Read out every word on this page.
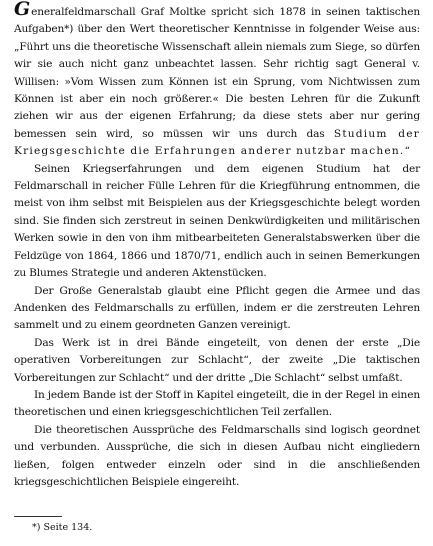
Generalfeldmarschall Graf Moltke spricht sich 1878 in seinen taktischen Aufgaben*) über den Wert theoretischer Kenntnisse in folgender Weise aus: „Führt uns die theoretische Wissenschaft allein niemals zum Siege, so dürfen wir sie auch nicht ganz unbeachtet lassen. Sehr richtig sagt General v. Willisen: »Vom Wissen zum Können ist ein Sprung, vom Nichtwissen zum Können ist aber ein noch größerer.« Die besten Lehren für die Zukunft ziehen wir aus der eigenen Erfahrung; da diese stets aber nur gering bemessen sein wird, so müssen wir uns durch das Studium der Kriegsgeschichte die Erfahrungen anderer nutzbar machen.“

Seinen Kriegserfahrungen und dem eigenen Studium hat der Feldmarschall in reicher Fülle Lehren für die Kriegführung entnommen, die meist von ihm selbst mit Beispielen aus der Kriegsgeschichte belegt worden sind. Sie finden sich zerstreut in seinen Denkwürdigkeiten und militärischen Werken sowie in den von ihm mitbearbeiteten Generalstabswerken über die Feldzüge von 1864, 1866 und 1870/71, endlich auch in seinen Bemerkungen zu Blumes Strategie und anderen Aktenstücken.

Der Große Generalstab glaubt eine Pflicht gegen die Armee und das Andenken des Feldmarschalls zu erfüllen, indem er die zerstreuten Lehren sammelt und zu einem geordneten Ganzen vereinigt.

Das Werk ist in drei Bände eingeteilt, von denen der erste „Die operativen Vorbereitungen zur Schlacht“, der zweite „Die taktischen Vorbereitungen zur Schlacht“ und der dritte „Die Schlacht“ selbst umfaßt.

In jedem Bande ist der Stoff in Kapitel eingeteilt, die in der Regel in einen theoretischen und einen kriegsgeschichtlichen Teil zerfallen.

Die theoretischen Aussprüche des Feldmarschalls sind logisch geordnet und verbunden. Aussprüche, die sich in diesen Aufbau nicht eingliedern ließen, folgen entweder einzeln oder sind in die anschließenden kriegsgeschichtlichen Beispiele eingereiht.

*) Seite 134.
